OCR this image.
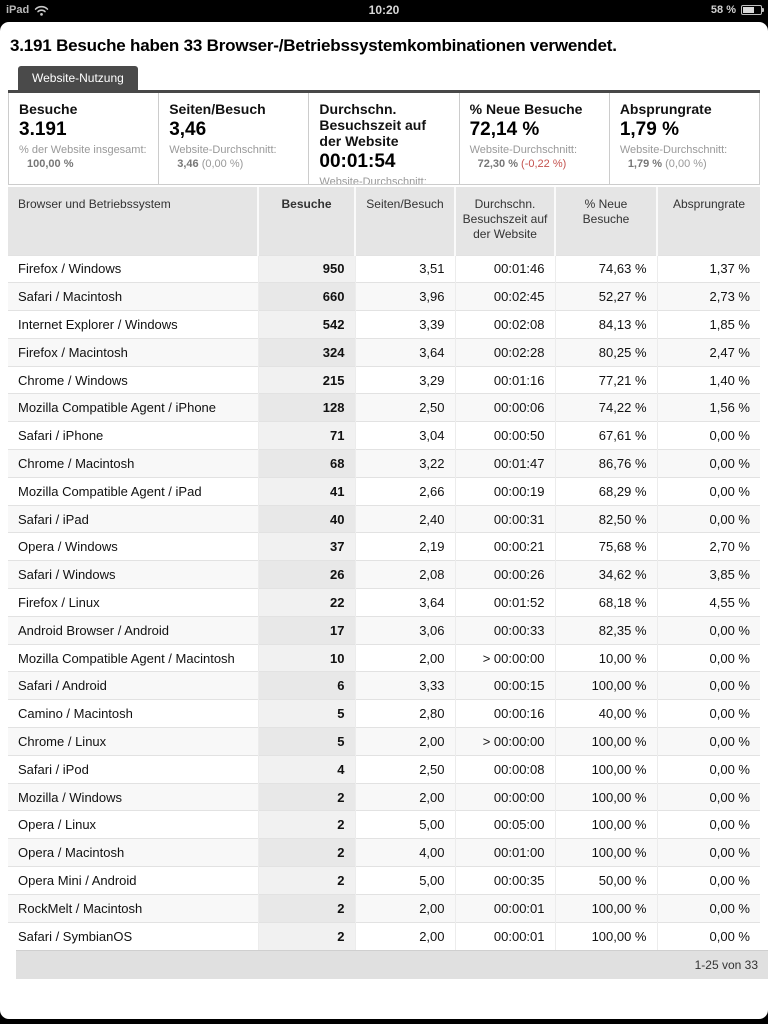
iPad	10:20	58 %
3.191 Besuche haben 33 Browser-/Betriebssystemkombinationen verwendet.
Website-Nutzung
Besuche
3.191
% der Website insgesamt:
100,00 %
Seiten/Besuch
3,46
Website-Durchschnitt:
3,46 (0,00 %)
Durchschn. Besuchszeit auf der Website
00:01:54
Website-Durchschnitt:

% Neue Besuche
72,14 %
Website-Durchschnitt:
72,30 % (-0,22 %)
Absprungrate
1,79 %
Website-Durchschnitt:
1,79 % (0,00 %)
Browser und Betriebssystem	Besuche	Seiten/Besuch	Durchschn. Besuchszeit auf der Website	% Neue Besuche	Absprungrate
Firefox / Windows	950	3,51	00:01:46	74,63 %	1,37 %
Safari / Macintosh	660	3,96	00:02:45	52,27 %	2,73 %
Internet Explorer / Windows	542	3,39	00:02:08	84,13 %	1,85 %
Firefox / Macintosh	324	3,64	00:02:28	80,25 %	2,47 %
Chrome / Windows	215	3,29	00:01:16	77,21 %	1,40 %
Mozilla Compatible Agent / iPhone	128	2,50	00:00:06	74,22 %	1,56 %
Safari / iPhone	71	3,04	00:00:50	67,61 %	0,00 %
Chrome / Macintosh	68	3,22	00:01:47	86,76 %	0,00 %
Mozilla Compatible Agent / iPad	41	2,66	00:00:19	68,29 %	0,00 %
Safari / iPad	40	2,40	00:00:31	82,50 %	0,00 %
Opera / Windows	37	2,19	00:00:21	75,68 %	2,70 %
Safari / Windows	26	2,08	00:00:26	34,62 %	3,85 %
Firefox / Linux	22	3,64	00:01:52	68,18 %	4,55 %
Android Browser / Android	17	3,06	00:00:33	82,35 %	0,00 %
Mozilla Compatible Agent / Macintosh	10	2,00	> 00:00:00	10,00 %	0,00 %
Safari / Android	6	3,33	00:00:15	100,00 %	0,00 %
Camino / Macintosh	5	2,80	00:00:16	40,00 %	0,00 %
Chrome / Linux	5	2,00	> 00:00:00	100,00 %	0,00 %
Safari / iPod	4	2,50	00:00:08	100,00 %	0,00 %
Mozilla / Windows	2	2,00	00:00:00	100,00 %	0,00 %
Opera / Linux	2	5,00	00:05:00	100,00 %	0,00 %
Opera / Macintosh	2	4,00	00:01:00	100,00 %	0,00 %
Opera Mini / Android	2	5,00	00:00:35	50,00 %	0,00 %
RockMelt / Macintosh	2	2,00	00:00:01	100,00 %	0,00 %
Safari / SymbianOS	2	2,00	00:00:01	100,00 %	0,00 %
1-25 von 33
